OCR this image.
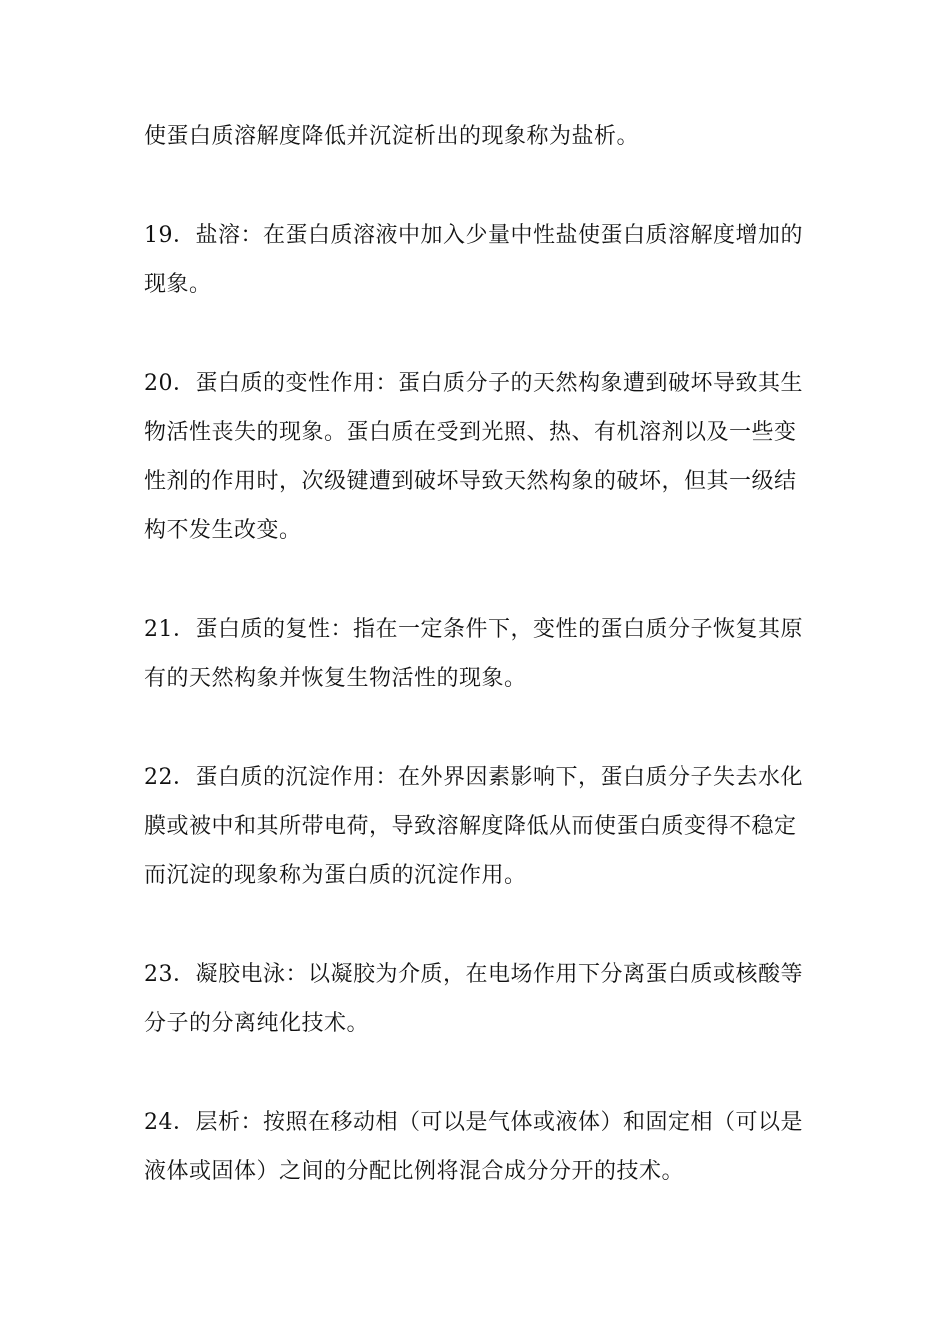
使蛋白质溶解度降低并沉淀析出的现象称为盐析。

19．盐溶：在蛋白质溶液中加入少量中性盐使蛋白质溶解度增加的现象。

20．蛋白质的变性作用：蛋白质分子的天然构象遭到破坏导致其生物活性丧失的现象。蛋白质在受到光照、热、有机溶剂以及一些变性剂的作用时，次级键遭到破坏导致天然构象的破坏，但其一级结构不发生改变。

21．蛋白质的复性：指在一定条件下，变性的蛋白质分子恢复其原有的天然构象并恢复生物活性的现象。

22．蛋白质的沉淀作用：在外界因素影响下，蛋白质分子失去水化膜或被中和其所带电荷，导致溶解度降低从而使蛋白质变得不稳定而沉淀的现象称为蛋白质的沉淀作用。

23．凝胶电泳：以凝胶为介质，在电场作用下分离蛋白质或核酸等分子的分离纯化技术。

24．层析：按照在移动相（可以是气体或液体）和固定相（可以是液体或固体）之间的分配比例将混合成分分开的技术。
